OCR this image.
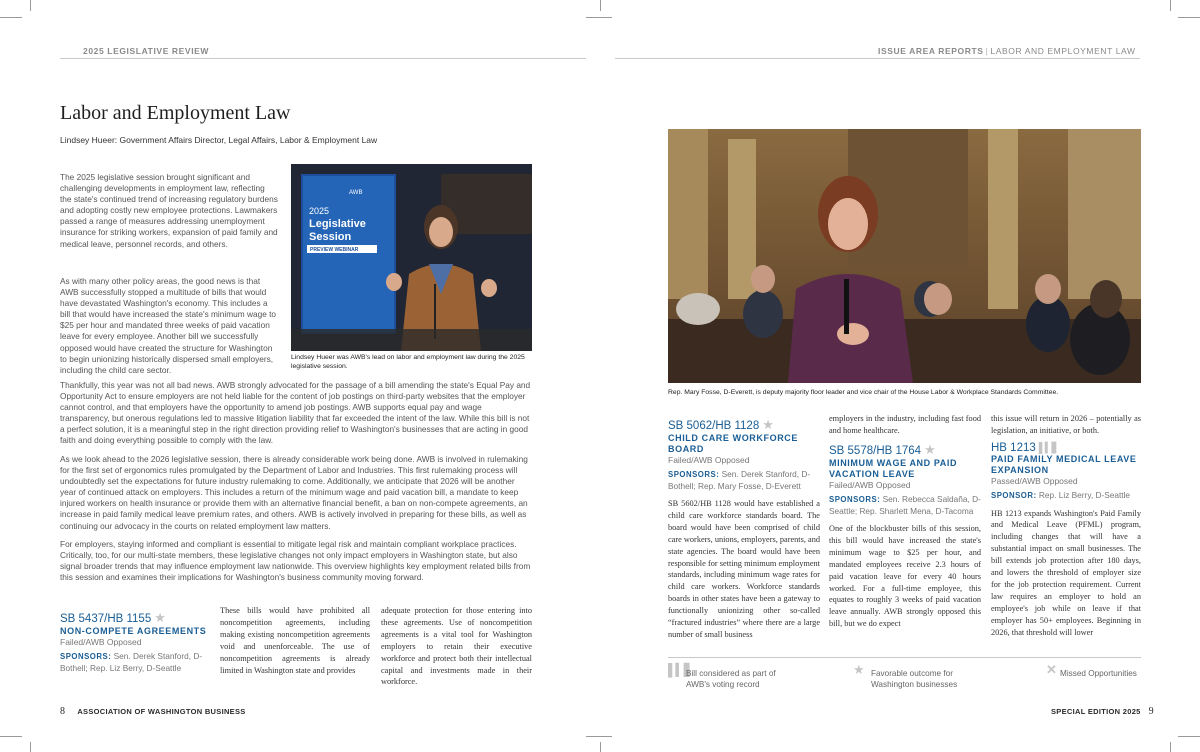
2025 LEGISLATIVE REVIEW	ISSUE AREA REPORTS | LABOR AND EMPLOYMENT LAW
Labor and Employment Law
Lindsey Hueer: Government Affairs Director, Legal Affairs, Labor & Employment Law
The 2025 legislative session brought significant and challenging developments in employment law, reflecting the state's continued trend of increasing regulatory burdens and adopting costly new employee protections. Lawmakers passed a range of measures addressing unemployment insurance for striking workers, expansion of paid family and medical leave, personnel records, and others.
As with many other policy areas, the good news is that AWB successfully stopped a multitude of bills that would have devastated Washington's economy. This includes a bill that would have increased the state's minimum wage to $25 per hour and mandated three weeks of paid vacation leave for every employee. Another bill we successfully opposed would have created the structure for Washington to begin unionizing historically dispersed small employers, including the child care sector.
AWB
2025
Legislative
Session
PREVIEW WEBINAR
Lindsey Hueer was AWB's lead on labor and employment law during the 2025 legislative session.
Thankfully, this year was not all bad news. AWB strongly advocated for the passage of a bill amending the state's Equal Pay and Opportunity Act to ensure employers are not held liable for the content of job postings on third-party websites that the employer cannot control, and that employers have the opportunity to amend job postings. AWB supports equal pay and wage transparency, but onerous regulations led to massive litigation liability that far exceeded the intent of the law. While this bill is not a perfect solution, it is a meaningful step in the right direction providing relief to Washington's businesses that are acting in good faith and doing everything possible to comply with the law.
As we look ahead to the 2026 legislative session, there is already considerable work being done. AWB is involved in rulemaking for the first set of ergonomics rules promulgated by the Department of Labor and Industries. This first rulemaking process will undoubtedly set the expectations for future industry rulemaking to come. Additionally, we anticipate that 2026 will be another year of continued attack on employers. This includes a return of the minimum wage and paid vacation bill, a mandate to keep injured workers on health insurance or provide them with an alternative financial benefit, a ban on non-compete agreements, an increase in paid family medical leave premium rates, and others. AWB is actively involved in preparing for these bills, as well as continuing our advocacy in the courts on related employment law matters.
For employers, staying informed and compliant is essential to mitigate legal risk and maintain compliant workplace practices. Critically, too, for our multi-state members, these legislative changes not only impact employers in Washington state, but also signal broader trends that may influence employment law nationwide. This overview highlights key employment related bills from this session and examines their implications for Washington's business community moving forward.
SB 5437/HB 1155 ★
NON-COMPETE AGREEMENTS
Failed/AWB Opposed
SPONSORS: Sen. Derek Stanford, D-Bothell; Rep. Liz Berry, D-Seattle
These bills would have prohibited all noncompetition agreements, including making existing noncompetition agreements void and unenforceable. The use of noncompetition agreements is already limited in Washington state and provides
adequate protection for those entering into these agreements. Use of noncompetition agreements is a vital tool for Washington employers to retain their executive workforce and protect both their intellectual capital and investments made in their workforce.
8 ASSOCIATION OF WASHINGTON BUSINESS
Rep. Mary Fosse, D-Everett, is deputy majority floor leader and vice chair of the House Labor & Workplace Standards Committee.
SB 5062/HB 1128 ★
CHILD CARE WORKFORCE BOARD
Failed/AWB Opposed
SPONSORS: Sen. Derek Stanford, D-Bothell; Rep. Mary Fosse, D-Everett
SB 5602/HB 1128 would have established a child care workforce standards board. The board would have been comprised of child care workers, unions, employers, parents, and state agencies. The board would have been responsible for setting minimum employment standards, including minimum wage rates for child care workers. Workforce standards boards in other states have been a gateway to functionally unionizing other so-called “fractured industries” where there are a large number of small business
employers in the industry, including fast food and home healthcare.
SB 5578/HB 1764 ★
MINIMUM WAGE AND PAID VACATION LEAVE
Failed/AWB Opposed
SPONSORS: Sen. Rebecca Saldaña, D-Seattle; Rep. Sharlett Mena, D-Tacoma
One of the blockbuster bills of this session, this bill would have increased the state's minimum wage to $25 per hour, and mandated employees receive 2.3 hours of paid vacation leave for every 40 hours worked. For a full-time employee, this equates to roughly 3 weeks of paid vacation leave annually. AWB strongly opposed this bill, but we do expect
this issue will return in 2026 – potentially as legislation, an initiative, or both.
HB 1213 ▌▍▋
PAID FAMILY MEDICAL LEAVE EXPANSION
Passed/AWB Opposed
SPONSOR: Rep. Liz Berry, D-Seattle
HB 1213 expands Washington's Paid Family and Medical Leave (PFML) program, including changes that will have a substantial impact on small businesses. The bill extends job protection after 180 days, and lowers the threshold of employer size for the job protection requirement. Current law requires an employer to hold an employee's job while on leave if that employer has 50+ employees. Beginning in 2026, that threshold will lower
▌▍▋
Bill considered as part of AWB's voting record
★ Favorable outcome for Washington businesses
✕ Missed Opportunities
SPECIAL EDITION 2025 9
